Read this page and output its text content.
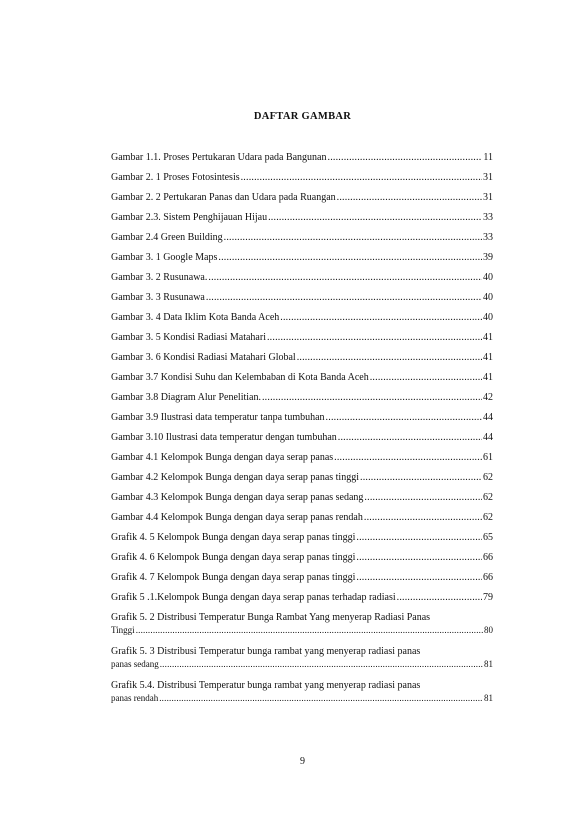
DAFTAR GAMBAR
Gambar 1.1. Proses Pertukaran Udara pada Bangunan .....	11
Gambar 2. 1 Proses Fotosintesis .....	31
Gambar 2. 2 Pertukaran Panas dan Udara pada Ruangan .....	31
Gambar 2.3. Sistem Penghijauan Hijau .....	33
Gambar 2.4 Green Building .....	33
Gambar 3. 1 Google Maps .....	39
Gambar 3. 2 Rusunawa. .....	40
Gambar 3. 3 Rusunawa .....	40
Gambar 3. 4 Data Iklim Kota Banda Aceh .....	40
Gambar 3. 5 Kondisi Radiasi Matahari .....	41
Gambar 3. 6 Kondisi Radiasi Matahari Global .....	41
Gambar 3.7 Kondisi Suhu dan Kelembaban di Kota Banda Aceh .....	41
Gambar 3.8 Diagram Alur Penelitian. .....	42
Gambar 3.9 Ilustrasi data temperatur tanpa tumbuhan .....	44
Gambar 3.10 Ilustrasi data temperatur dengan tumbuhan .....	44
Gambar 4.1 Kelompok Bunga dengan daya serap panas .....	61
Gambar 4.2 Kelompok Bunga dengan daya serap panas tinggi .....	62
Gambar 4.3 Kelompok Bunga dengan daya serap panas sedang .....	62
Gambar 4.4 Kelompok Bunga dengan daya serap panas rendah .....	62
Grafik 4. 5 Kelompok Bunga dengan daya serap panas tinggi .....	65
Grafik 4. 6 Kelompok Bunga dengan daya serap panas tinggi .....	66
Grafik 4. 7 Kelompok Bunga dengan daya serap panas tinggi .....	66
Grafik 5 .1.Kelompok Bunga dengan daya serap panas terhadap radiasi .....	79
Grafik 5. 2 Distribusi Temperatur Bunga Rambat Yang menyerap Radiasi Panas
Tinggi .....	80
Grafik 5. 3 Distribusi Temperatur bunga rambat yang menyerap radiasi panas
panas sedang .....	81
Grafik 5.4. Distribusi Temperatur bunga rambat yang menyerap radiasi panas
panas rendah .....	81
9
